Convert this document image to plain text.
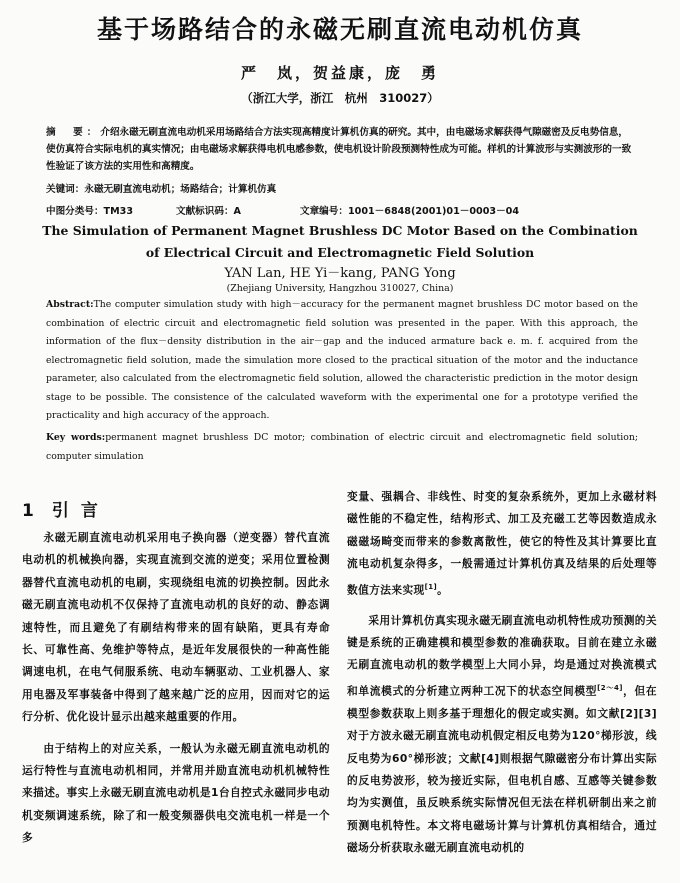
基于场路结合的永磁无刷直流电动机仿真
严　岚，贺益康，庞　勇
（浙江大学，浙江　杭州　310027）
摘　要：介绍永磁无刷直流电动机采用场路结合方法实现高精度计算机仿真的研究。其中，由电磁场求解获得气隙磁密及反电势信息，使仿真符合实际电机的真实情况；由电磁场求解获得电机电感参数，使电机设计阶段预测特性成为可能。样机的计算波形与实测波形的一致性验证了该方法的实用性和高精度。
关键词：永磁无刷直流电动机；场路结合；计算机仿真
中图分类号：TM33	文献标识码：A	文章编号：1001－6848(2001)01－0003－04
The Simulation of Permanent Magnet Brushless DC Motor Based on the Combination
of Electrical Circuit and Electromagnetic Field Solution
YAN Lan, HE Yi－kang, PANG Yong
(Zhejiang University, Hangzhou 310027, China)
Abstract:The computer simulation study with high－accuracy for the permanent magnet brushless DC motor based on the combination of electric circuit and electromagnetic field solution was presented in the paper. With this approach, the information of the flux－density distribution in the air－gap and the induced armature back e. m. f. acquired from the electromagnetic field solution, made the simulation more closed to the practical situation of the motor and the inductance parameter, also calculated from the electromagnetic field solution, allowed the characteristic prediction in the motor design stage to be possible. The consistence of the calculated waveform with the experimental one for a prototype verified the practicality and high accuracy of the approach.
Key words:permanent magnet brushless DC motor; combination of electric circuit and electromagnetic field solution; computer simulation
1 引言

永磁无刷直流电动机采用电子换向器（逆变器）替代直流电动机的机械换向器，实现直流到交流的逆变；采用位置检测器替代直流电动机的电刷，实现绕组电流的切换控制。因此永磁无刷直流电动机不仅保持了直流电动机的良好的动、静态调速特性，而且避免了有刷结构带来的固有缺陷，更具有寿命长、可靠性高、免维护等特点，是近年发展很快的一种高性能调速电机，在电气伺服系统、电动车辆驱动、工业机器人、家用电器及军事装备中得到了越来越广泛的应用，因而对它的运行分析、优化设计显示出越来越重要的作用。

由于结构上的对应关系，一般认为永磁无刷直流电动机的运行特性与直流电动机相同，并常用并励直流电动机机械特性来描述。事实上永磁无刷直流电动机是1台自控式永磁同步电动机变频调速系统，除了和一般变频器供电交流电机一样是一个多

变量、强耦合、非线性、时变的复杂系统外，更加上永磁材料磁性能的不稳定性，结构形式、加工及充磁工艺等因数造成永磁磁场畸变而带来的参数离散性，使它的特性及其计算要比直流电动机复杂得多，一般需通过计算机仿真及结果的后处理等数值方法来实现[1]。

采用计算机仿真实现永磁无刷直流电动机特性成功预测的关键是系统的正确建模和模型参数的准确获取。目前在建立永磁无刷直流电动机的数学模型上大同小异，均是通过对换流模式和单流模式的分析建立两种工况下的状态空间模型[2～4]，但在模型参数获取上则多基于理想化的假定或实测。如文献[2][3]对于方波永磁无刷直流电动机假定相反电势为120°梯形波，线反电势为60°梯形波；文献[4]则根据气隙磁密分布计算出实际的反电势波形，较为接近实际，但电机自感、互感等关键参数均为实测值，虽反映系统实际情况但无法在样机研制出来之前预测电机特性。本文将电磁场计算与计算机仿真相结合，通过磁场分析获取永磁无刷直流电动机的
